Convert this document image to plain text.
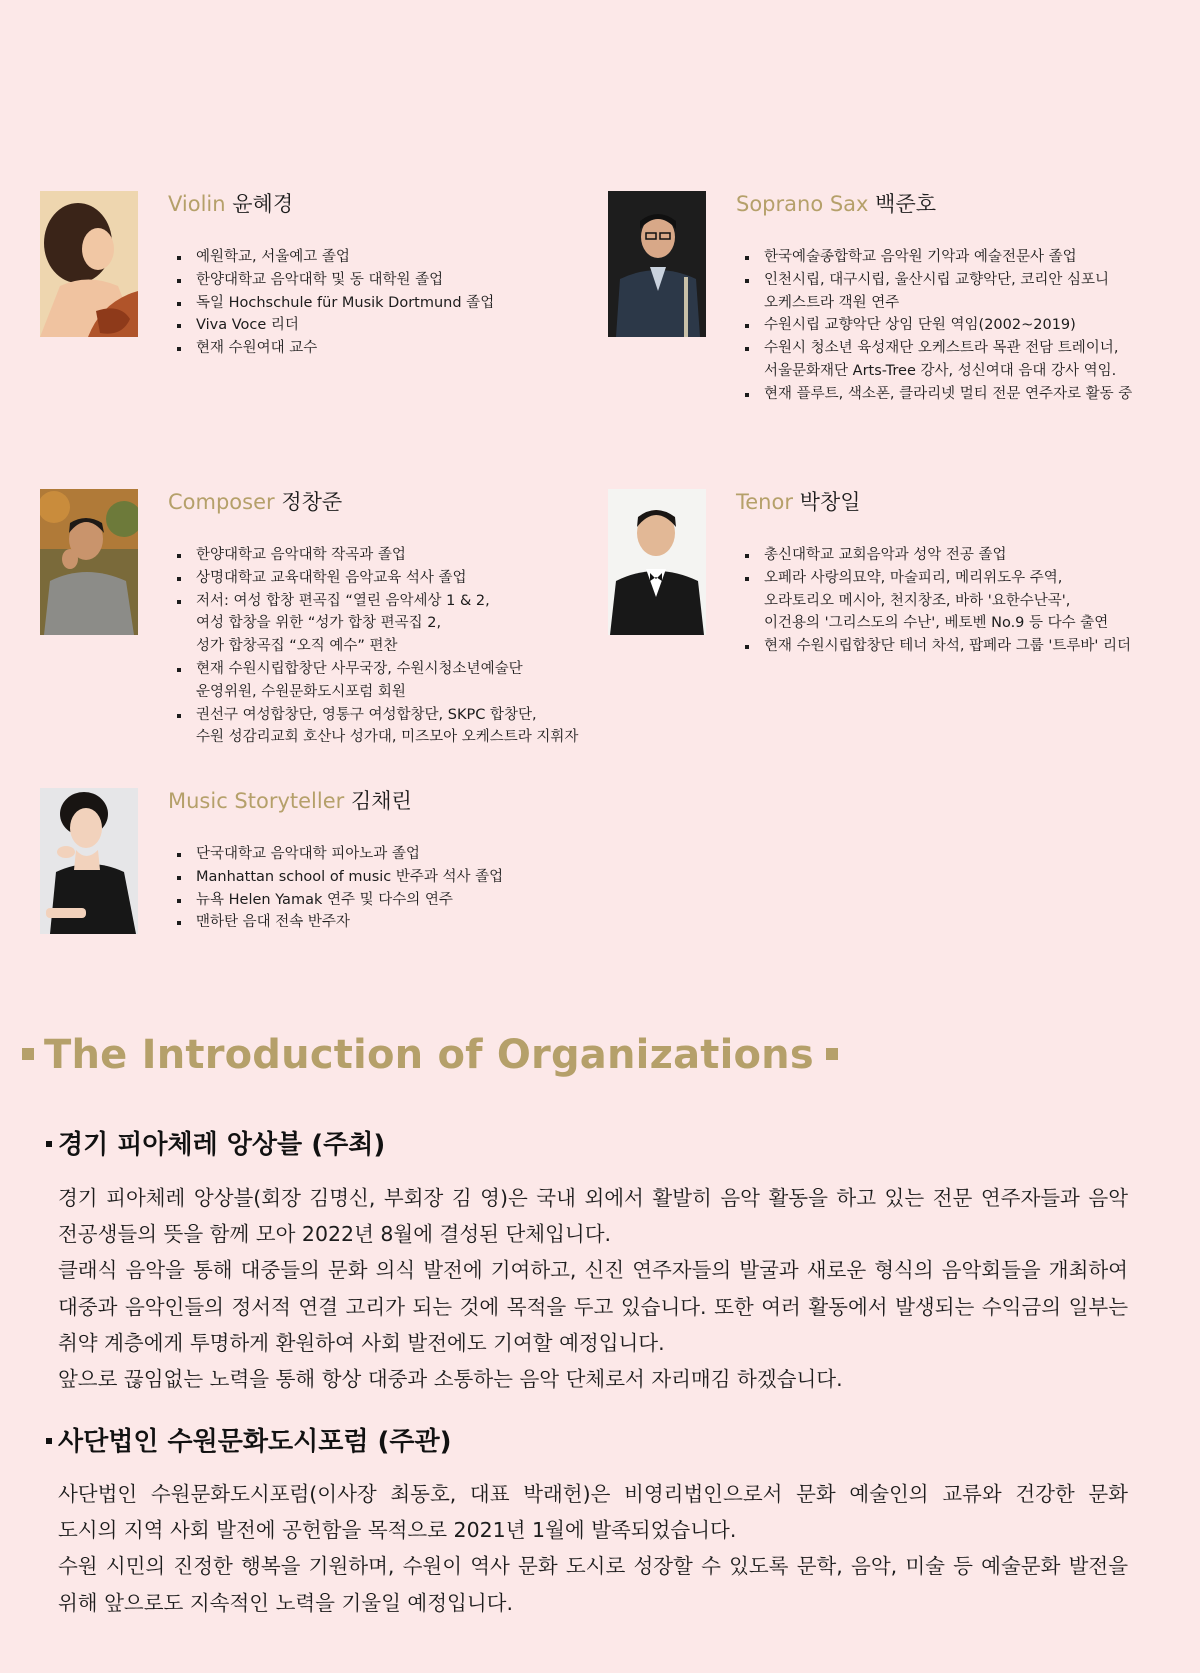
Violin 윤혜경
예원학교, 서울예고 졸업
한양대학교 음악대학 및 동 대학원 졸업
독일 Hochschule für Musik Dortmund 졸업
Viva Voce 리더
현재 수원여대 교수
Soprano Sax 백준호
한국예술종합학교 음악원 기악과 예술전문사 졸업
인천시립, 대구시립, 울산시립 교향악단, 코리안 심포니
오케스트라 객원 연주
수원시립 교향악단 상임 단원 역임(2002~2019)
수원시 청소년 육성재단 오케스트라 목관 전담 트레이너,
서울문화재단 Arts-Tree 강사, 성신여대 음대 강사 역임.
현재 플루트, 색소폰, 클라리넷 멀티 전문 연주자로 활동 중
Composer 정창준
한양대학교 음악대학 작곡과 졸업
상명대학교 교육대학원 음악교육 석사 졸업
저서: 여성 합창 편곡집 “열린 음악세상 1 & 2,
여성 합창을 위한 “성가 합창 편곡집 2,
성가 합창곡집 “오직 예수” 편찬
현재 수원시립합창단 사무국장, 수원시청소년예술단
운영위원, 수원문화도시포럼 회원
권선구 여성합창단, 영통구 여성합창단, SKPC 합창단,
수원 성감리교회 호산나 성가대, 미즈모아 오케스트라 지휘자
Tenor 박창일
총신대학교 교회음악과 성악 전공 졸업
오페라 사랑의묘약, 마술피리, 메리위도우 주역,
오라토리오 메시아, 천지창조, 바하 '요한수난곡',
이건용의 '그리스도의 수난', 베토벤 No.9 등 다수 출연
현재 수원시립합창단 테너 차석, 팝페라 그룹 '트루바' 리더
Music Storyteller 김채린
단국대학교 음악대학 피아노과 졸업
Manhattan school of music 반주과 석사 졸업
뉴욕 Helen Yamak 연주 및 다수의 연주
맨하탄 음대 전속 반주자
The Introduction of Organizations
경기 피아체레 앙상블 (주최)

경기 피아체레 앙상블(회장 김명신, 부회장 김 영)은 국내 외에서 활발히 음악 활동을 하고 있는 전문 연주자들과 음악

전공생들의 뜻을 함께 모아 2022년 8월에 결성된 단체입니다.

클래식 음악을 통해 대중들의 문화 의식 발전에 기여하고, 신진 연주자들의 발굴과 새로운 형식의 음악회들을 개최하여

대중과 음악인들의 정서적 연결 고리가 되는 것에 목적을 두고 있습니다. 또한 여러 활동에서 발생되는 수익금의 일부는

취약 계층에게 투명하게 환원하여 사회 발전에도 기여할 예정입니다.

앞으로 끊임없는 노력을 통해 항상 대중과 소통하는 음악 단체로서 자리매김 하겠습니다.

사단법인 수원문화도시포럼 (주관)

사단법인 수원문화도시포럼(이사장 최동호, 대표 박래헌)은 비영리법인으로서 문화 예술인의 교류와 건강한 문화

도시의 지역 사회 발전에 공헌함을 목적으로 2021년 1월에 발족되었습니다.

수원 시민의 진정한 행복을 기원하며, 수원이 역사 문화 도시로 성장할 수 있도록 문학, 음악, 미술 등 예술문화 발전을

위해 앞으로도 지속적인 노력을 기울일 예정입니다.
